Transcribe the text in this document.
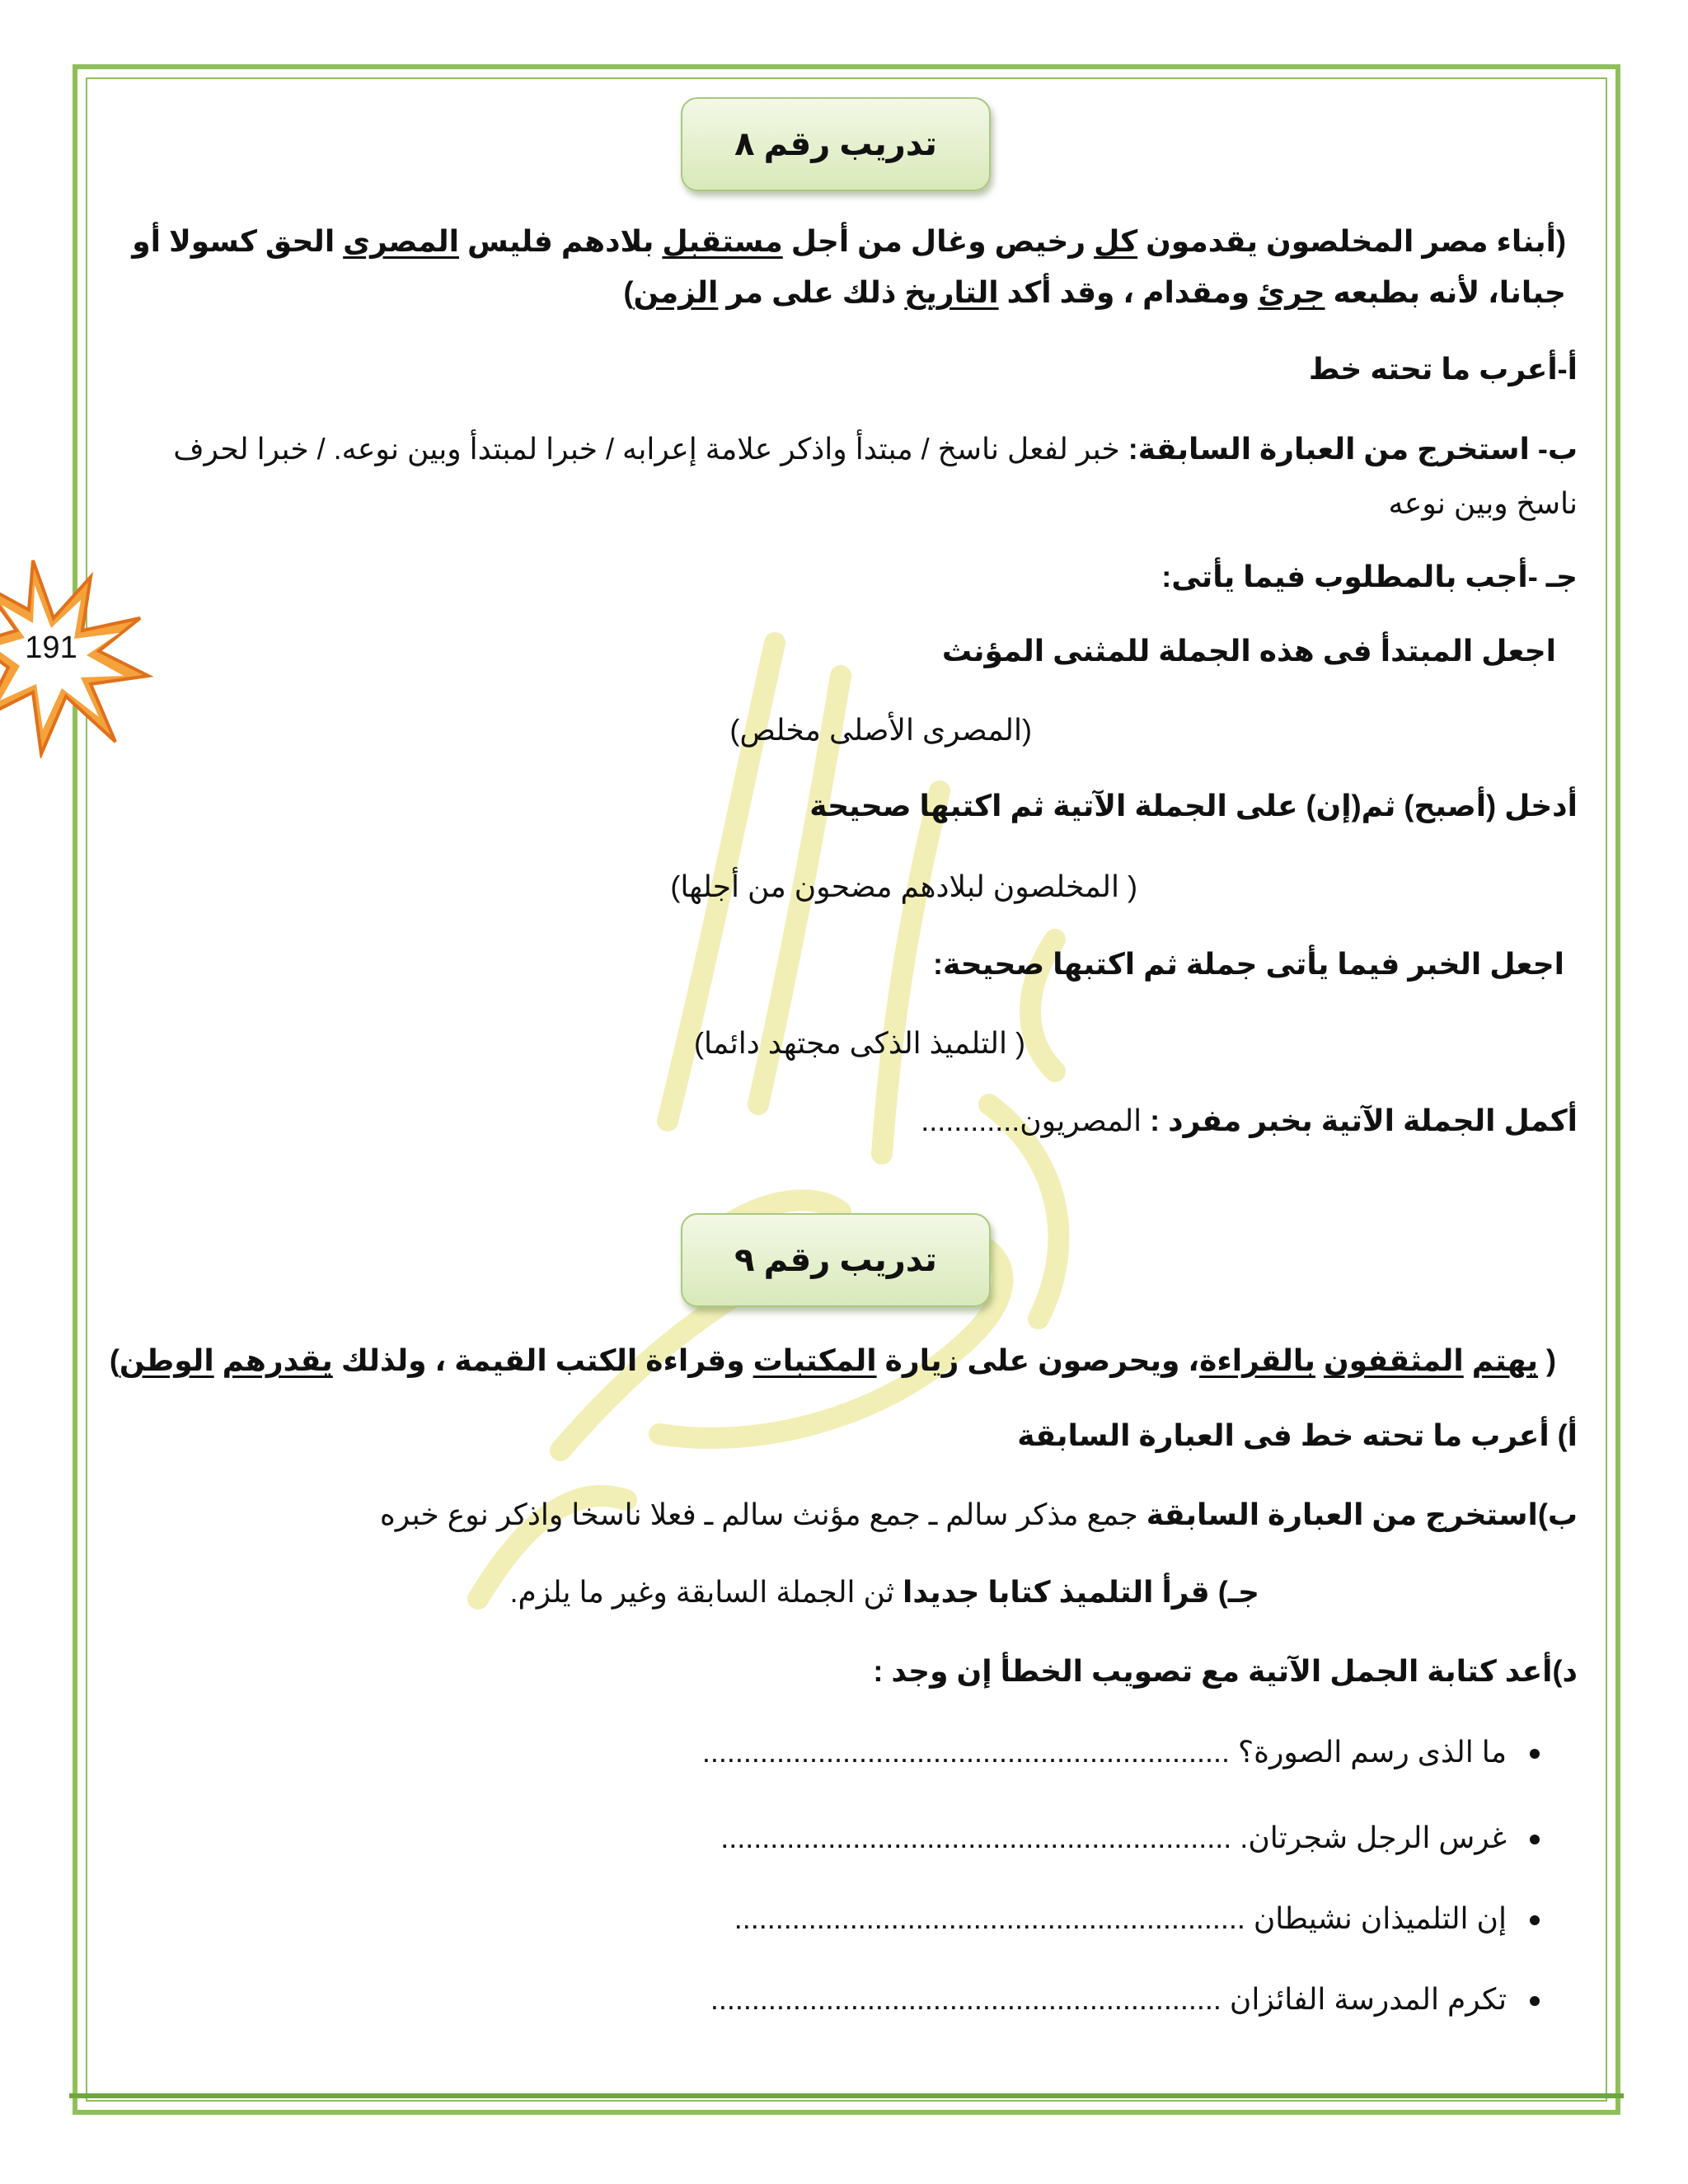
191
تدريب رقم ٨
(أبناء مصر المخلصون يقدمون كل رخيص وغال من أجل مستقبل بلادهم فليس المصرى الحق كسولا أو جبانا، لأنه بطبعه جرئ ومقدام ، وقد أكد التاريخ ذلك على مر الزمن)
أ-أعرب ما تحته خط
ب- استخرج من العبارة السابقة: خبر لفعل ناسخ / مبتدأ واذكر علامة إعرابه / خبرا لمبتدأ وبين نوعه. / خبرا لحرف ناسخ وبين نوعه
جـ -أجب بالمطلوب فيما يأتى:
اجعل المبتدأ فى هذه الجملة للمثنى المؤنث
(المصرى الأصلى مخلص)
أدخل (أصبح) ثم(إن) على الجملة الآتية ثم اكتبها صحيحة
( المخلصون لبلادهم مضحون من أجلها)
اجعل الخبر فيما يأتى جملة ثم اكتبها صحيحة:
( التلميذ الذكى مجتهد دائما)
أكمل الجملة الآتية بخبر مفرد : المصريون............
تدريب رقم ٩
( يهتم المثقفون بالقراءة، ويحرصون على زيارة المكتبات وقراءة الكتب القيمة ، ولذلك يقدرهم الوطن)
أ) أعرب ما تحته خط فى العبارة السابقة
ب)استخرج من العبارة السابقة جمع مذكر سالم ـ جمع مؤنث سالم ـ فعلا ناسخا واذكر نوع خبره
جـ) قرأ التلميذ كتابا جديدا ثن الجملة السابقة وغير ما يلزم.
د)أعد كتابة الجمل الآتية مع تصويب الخطأ إن وجد :
ما الذى رسم الصورة؟ ................................................................
غرس الرجل شجرتان. ..............................................................
إن التلميذان نشيطان ..............................................................
تكرم المدرسة الفائزان ..............................................................
